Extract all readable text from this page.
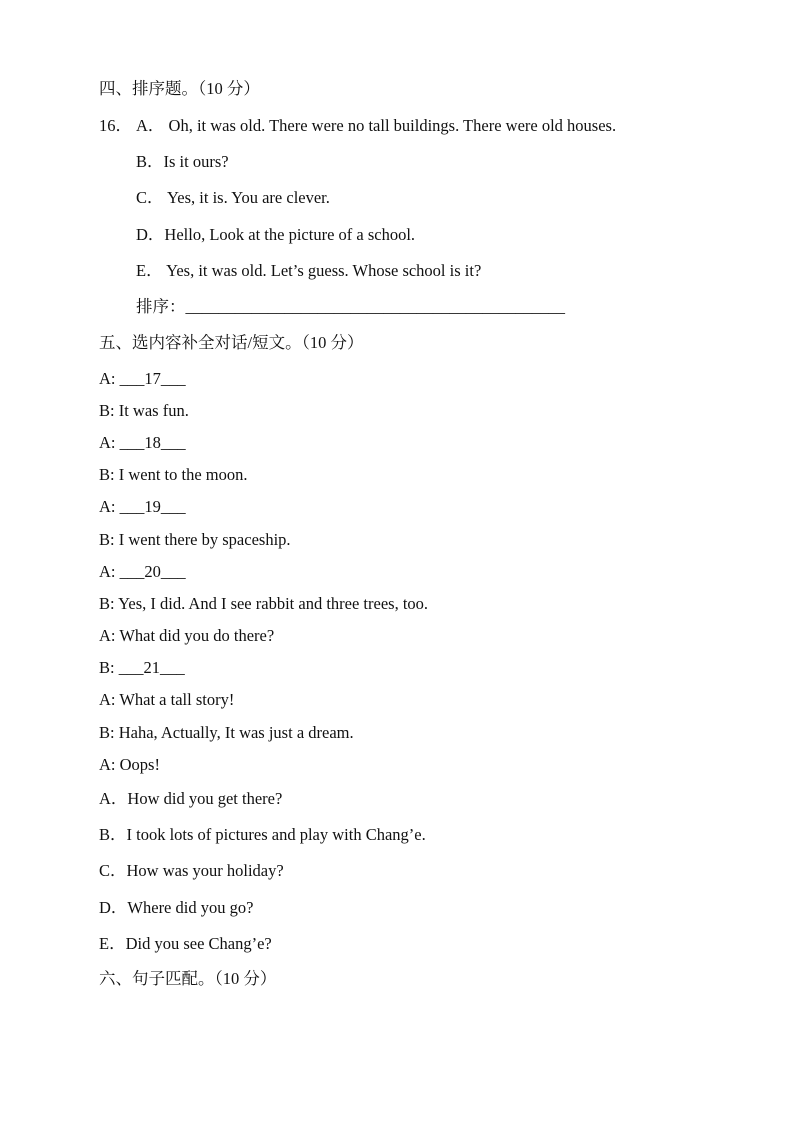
四、排序题。（10 分）
16． A． Oh, it was old. There were no tall buildings. There were old houses.
B．Is it ours?
C． Yes, it is. You are clever.
D．Hello, Look at the picture of a school.
E． Yes, it was old. Let’s guess. Whose school is it?
排序：______________________________________________
五、选内容补全对话/短文。（10 分）
A: ___17___
B: It was fun.
A: ___18___
B: I went to the moon.
A: ___19___
B: I went there by spaceship.
A: ___20___
B: Yes, I did. And I see rabbit and three trees, too.
A: What did you do there?
B: ___21___
A: What a tall story!
B: Haha, Actually, It was just a dream.
A: Oops!
A．How did you get there?
B．I took lots of pictures and play with Chang’e.
C．How was your holiday?
D．Where did you go?
E．Did you see Chang’e?
六、句子匹配。（10 分）
